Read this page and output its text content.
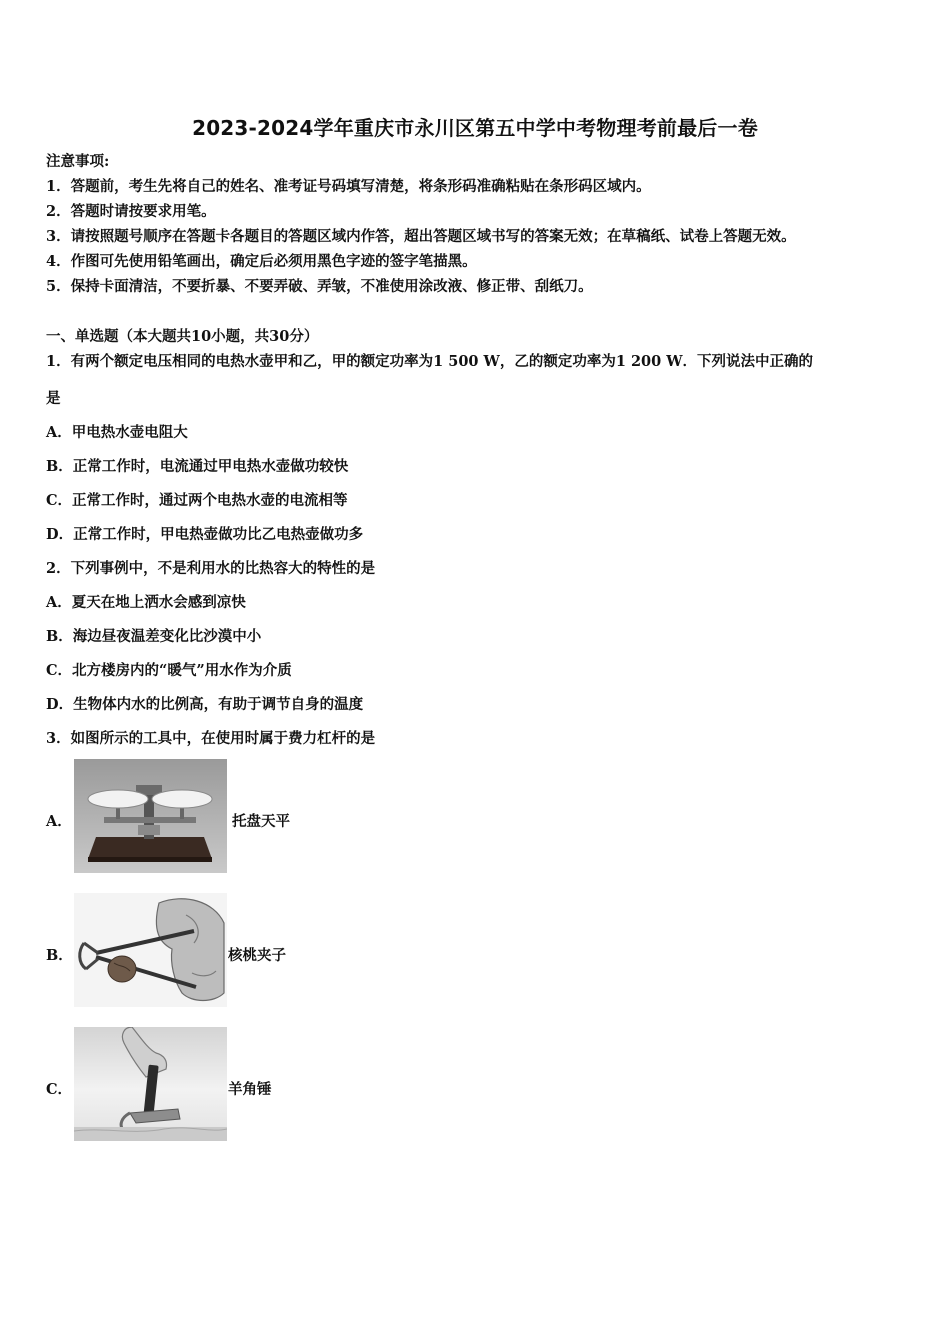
2023-2024学年重庆市永川区第五中学中考物理考前最后一卷
注意事项:
1．答题前，考生先将自己的姓名、准考证号码填写清楚，将条形码准确粘贴在条形码区域内。
2．答题时请按要求用笔。
3．请按照题号顺序在答题卡各题目的答题区域内作答，超出答题区域书写的答案无效；在草稿纸、试卷上答题无效。
4．作图可先使用铅笔画出，确定后必须用黑色字迹的签字笔描黑。
5．保持卡面清洁，不要折暴、不要弄破、弄皱，不准使用涂改液、修正带、刮纸刀。
一、单选题（本大题共10小题，共30分）
1．有两个额定电压相同的电热水壶甲和乙，甲的额定功率为1 500 W，乙的额定功率为1 200 W．下列说法中正确的
是
A．甲电热水壶电阻大
B．正常工作时，电流通过甲电热水壶做功较快
C．正常工作时，通过两个电热水壶的电流相等
D．正常工作时，甲电热壶做功比乙电热壶做功多
2．下列事例中，不是利用水的比热容大的特性的是
A．夏天在地上洒水会感到凉快
B．海边昼夜温差变化比沙漠中小
C．北方楼房内的“暖气”用水作为介质
D．生物体内水的比例高，有助于调节自身的温度
3．如图所示的工具中，在使用时属于费力杠杆的是
A．	托盘天平
B．	核桃夹子
C．	羊角锤
